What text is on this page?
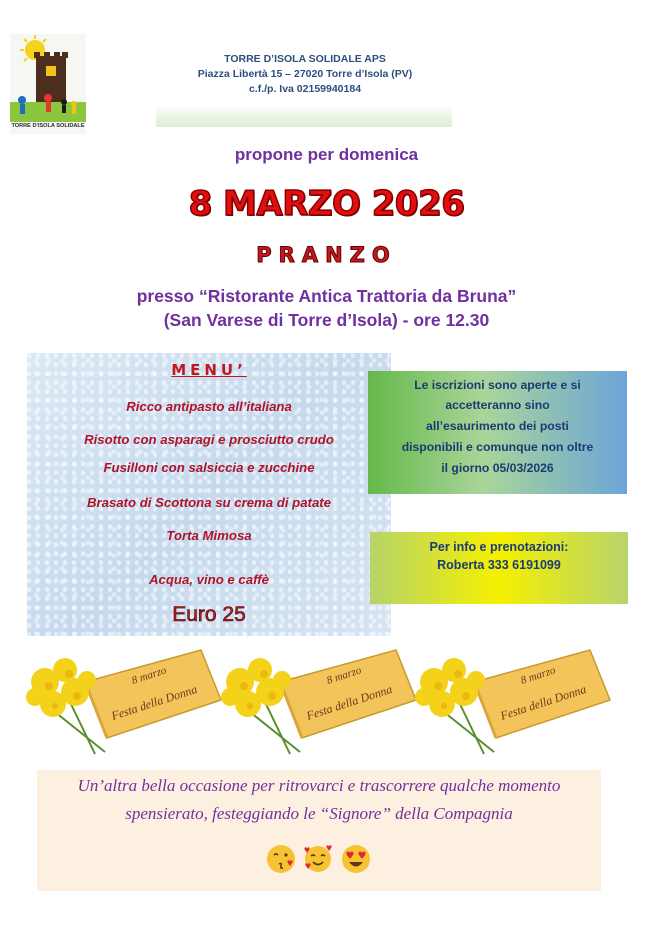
TORRE D'ISOLA SOLIDALE
TORRE D’ISOLA SOLIDALE APS
Piazza Libertà 15 – 27020 Torre d’Isola (PV)
c.f./p. Iva 02159940184
propone per domenica
8 MARZO 2026
PRANZO
presso “Ristorante Antica Trattoria da Bruna”
(San Varese di Torre d’Isola) - ore 12.30
MENU’
Ricco antipasto all’italiana
Risotto con asparagi e prosciutto crudo
Fusilloni con salsiccia e zucchine
Brasato di Scottona su crema di patate
Torta Mimosa
Acqua, vino e caffè
Euro 25
Le iscrizioni sono aperte e si
accetteranno sino
all’esaurimento dei posti
disponibili e comunque non oltre
il giorno 05/03/2026
Per info e prenotazioni:
Roberta 333 6191099
8 marzo
Festa della Donna
8 marzo
Festa della Donna
8 marzo
Festa della Donna
Un’altra bella occasione per ritrovarci e trascorrere qualche momento
spensierato, festeggiando le “Signore” della Compagnia
